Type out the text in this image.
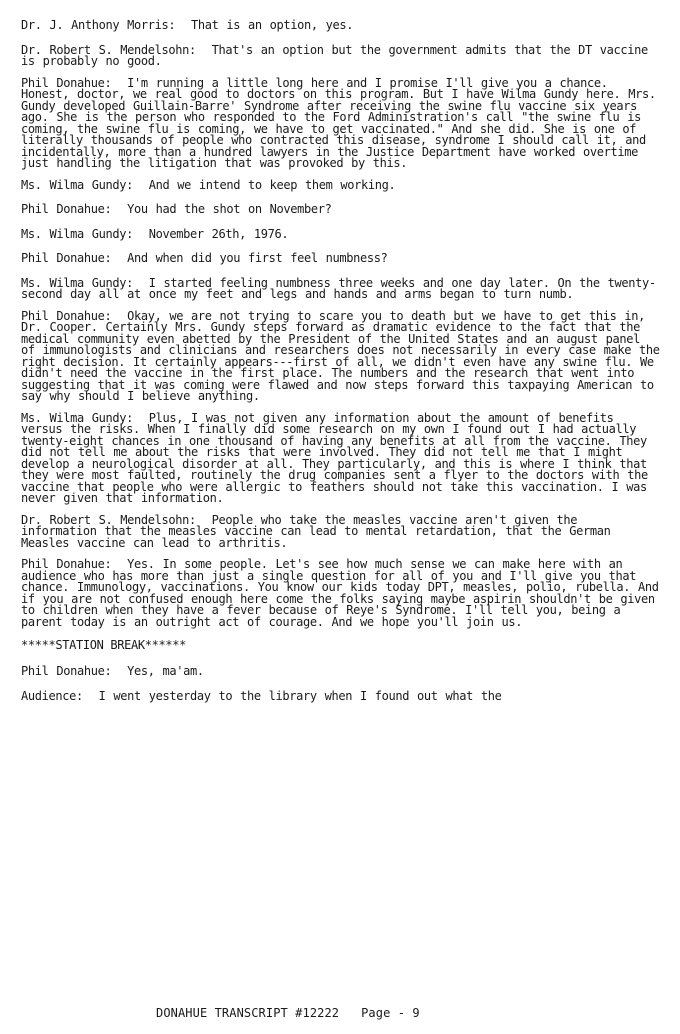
Dr. J. Anthony Morris: That is an option, yes.

Dr. Robert S. Mendelsohn: That's an option but the government admits that the DT vaccine is probably no good.

Phil Donahue: I'm running a little long here and I promise I'll give you a chance. Honest, doctor, we real good to doctors on this program. But I have Wilma Gundy here. Mrs. Gundy developed Guillain-Barre' Syndrome after receiving the swine flu vaccine six years ago. She is the person who responded to the Ford Administration's call "the swine flu is coming, the swine flu is coming, we have to get vaccinated." And she did. She is one of literally thousands of people who contracted this disease, syndrome I should call it, and incidentally, more than a hundred lawyers in the Justice Department have worked overtime just handling the litigation that was provoked by this.

Ms. Wilma Gundy: And we intend to keep them working.

Phil Donahue: You had the shot on November?

Ms. Wilma Gundy: November 26th, 1976.

Phil Donahue: And when did you first feel numbness?

Ms. Wilma Gundy: I started feeling numbness three weeks and one day later. On the twenty-second day all at once my feet and legs and hands and arms began to turn numb.

Phil Donahue: Okay, we are not trying to scare you to death but we have to get this in, Dr. Cooper. Certainly Mrs. Gundy steps forward as dramatic evidence to the fact that the medical community even abetted by the President of the United States and an august panel of immunologists and clinicians and researchers does not necessarily in every case make the right decision. It certainly appears---first of all, we didn't even have any swine flu. We didn't need the vaccine in the first place. The numbers and the research that went into suggesting that it was coming were flawed and now steps forward this taxpaying American to say why should I believe anything.

Ms. Wilma Gundy: Plus, I was not given any information about the amount of benefits versus the risks. When I finally did some research on my own I found out I had actually twenty-eight chances in one thousand of having any benefits at all from the vaccine. They did not tell me about the risks that were involved. They did not tell me that I might develop a neurological disorder at all. They particularly, and this is where I think that they were most faulted, routinely the drug companies sent a flyer to the doctors with the vaccine that people who were allergic to feathers should not take this vaccination. I was never given that information.

Dr. Robert S. Mendelsohn: People who take the measles vaccine aren't given the information that the measles vaccine can lead to mental retardation, that the German Measles vaccine can lead to arthritis.

Phil Donahue: Yes. In some people. Let's see how much sense we can make here with an audience who has more than just a single question for all of you and I'll give you that chance. Immunology, vaccinations. You know our kids today DPT, measles, polio, rubella. And if you are not confused enough here come the folks saying maybe aspirin shouldn't be given to children when they have a fever because of Reye's Syndrome. I'll tell you, being a parent today is an outright act of courage. And we hope you'll join us.

*****STATION BREAK******

Phil Donahue: Yes, ma'am.

Audience: I went yesterday to the library when I found out what the

DONAHUE TRANSCRIPT #12222 Page - 9
